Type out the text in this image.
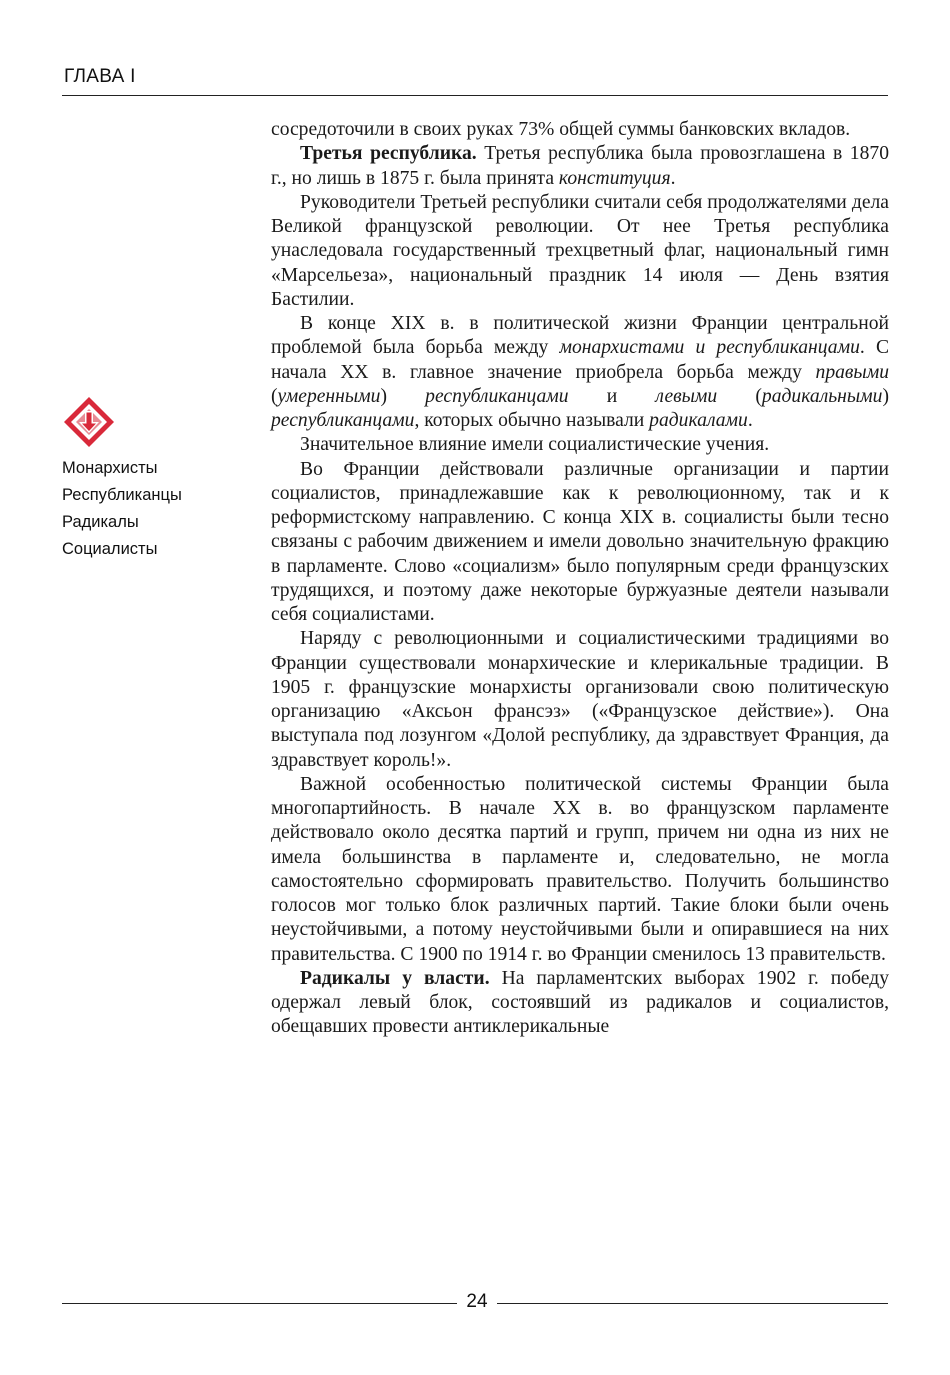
ГЛАВА I
Монархисты
Республиканцы
Радикалы
Социалисты

сосредоточили в своих руках 73% общей суммы банковских вкладов.

Третья республика. Третья республика была провозглашена в 1870 г., но лишь в 1875 г. была принята конституция.

Руководители Третьей республики считали себя продолжателями дела Великой французской революции. От нее Третья республика унаследовала государственный трехцветный флаг, национальный гимн «Марсельеза», национальный праздник 14 июля — День взятия Бастилии.

В конце XIX в. в политической жизни Франции центральной проблемой была борьба между монархистами и республиканцами. С начала XX в. главное значение приобрела борьба между правыми (умеренными) республиканцами и левыми (радикальными) республиканцами, которых обычно называли радикалами.

Значительное влияние имели социалистические учения.

Во Франции действовали различные организации и партии социалистов, принадлежавшие как к революционному, так и к реформистскому направлению. С конца XIX в. социалисты были тесно связаны с рабочим движением и имели довольно значительную фракцию в парламенте. Слово «социализм» было популярным среди французских трудящихся, и поэтому даже некоторые буржуазные деятели называли себя социалистами.

Наряду с революционными и социалистическими традициями во Франции существовали монархические и клерикальные традиции. В 1905 г. французские монархисты организовали свою политическую организацию «Аксьон франсэз» («Французское действие»). Она выступала под лозунгом «Долой республику, да здравствует Франция, да здравствует король!».

Важной особенностью политической системы Франции была многопартийность. В начале XX в. во французском парламенте действовало около десятка партий и групп, причем ни одна из них не имела большинства в парламенте и, следовательно, не могла самостоятельно сформировать правительство. Получить большинство голосов мог только блок различных партий. Такие блоки были очень неустойчивыми, а потому неустойчивыми были и опиравшиеся на них правительства. С 1900 по 1914 г. во Франции сменилось 13 правительств.

Радикалы у власти. На парламентских выборах 1902 г. победу одержал левый блок, состоявший из радикалов и социалистов, обещавших провести антиклерикальные

24
